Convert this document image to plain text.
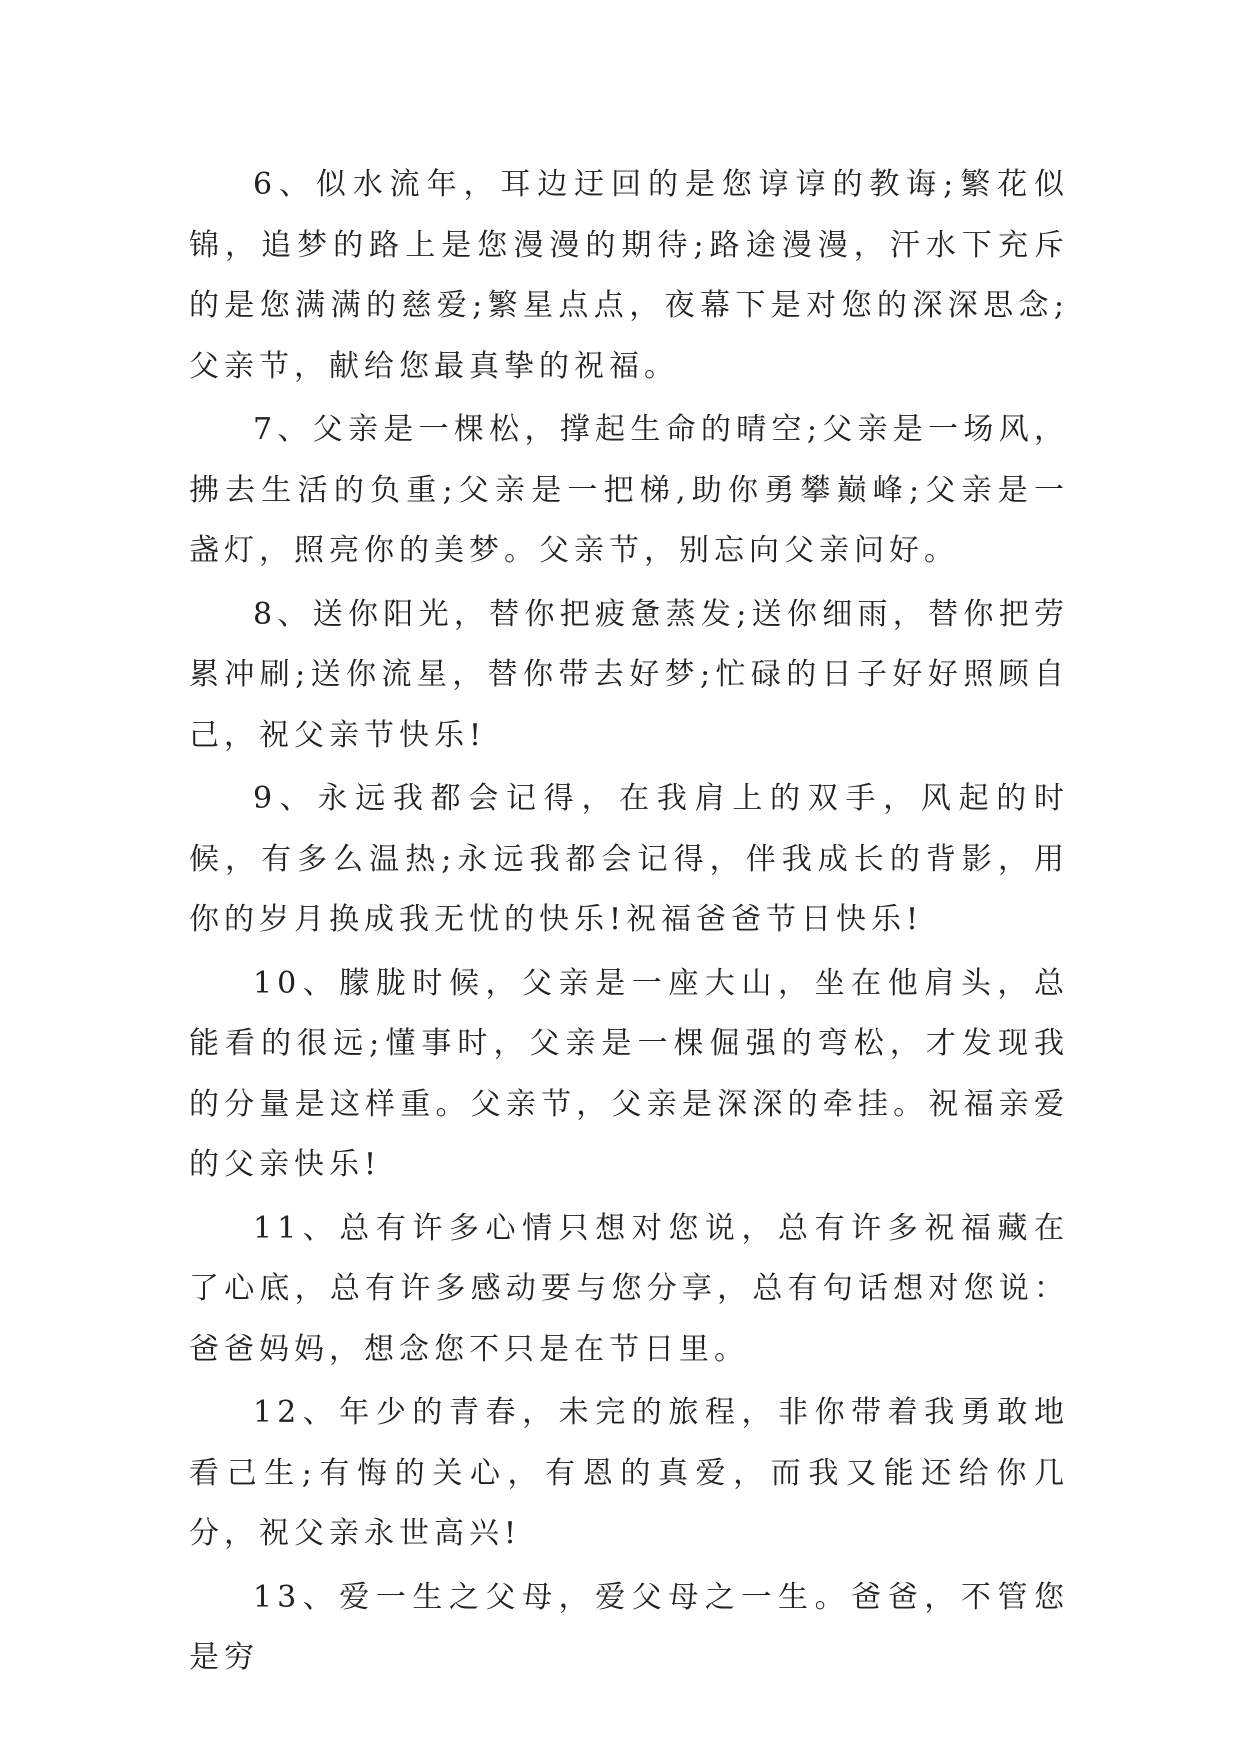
6、似水流年，耳边迂回的是您谆谆的教诲;繁花似锦，追梦的路上是您漫漫的期待;路途漫漫，汗水下充斥的是您满满的慈爱;繁星点点，夜幕下是对您的深深思念;父亲节，献给您最真挚的祝福。

7、父亲是一棵松，撑起生命的晴空;父亲是一场风，拂去生活的负重;父亲是一把梯,助你勇攀巅峰;父亲是一盏灯，照亮你的美梦。父亲节，别忘向父亲问好。

8、送你阳光，替你把疲惫蒸发;送你细雨，替你把劳累冲刷;送你流星，替你带去好梦;忙碌的日子好好照顾自己，祝父亲节快乐!

9、永远我都会记得，在我肩上的双手，风起的时候，有多么温热;永远我都会记得，伴我成长的背影，用你的岁月换成我无忧的快乐!祝福爸爸节日快乐!

10、朦胧时候，父亲是一座大山，坐在他肩头，总能看的很远;懂事时，父亲是一棵倔强的弯松，才发现我的分量是这样重。父亲节，父亲是深深的牵挂。祝福亲爱的父亲快乐!

11、总有许多心情只想对您说，总有许多祝福藏在了心底，总有许多感动要与您分享，总有句话想对您说：爸爸妈妈，想念您不只是在节日里。

12、年少的青春，未完的旅程，非你带着我勇敢地看己生;有悔的关心，有恩的真爱，而我又能还给你几分，祝父亲永世高兴!

13、爱一生之父母，爱父母之一生。爸爸，不管您是穷
